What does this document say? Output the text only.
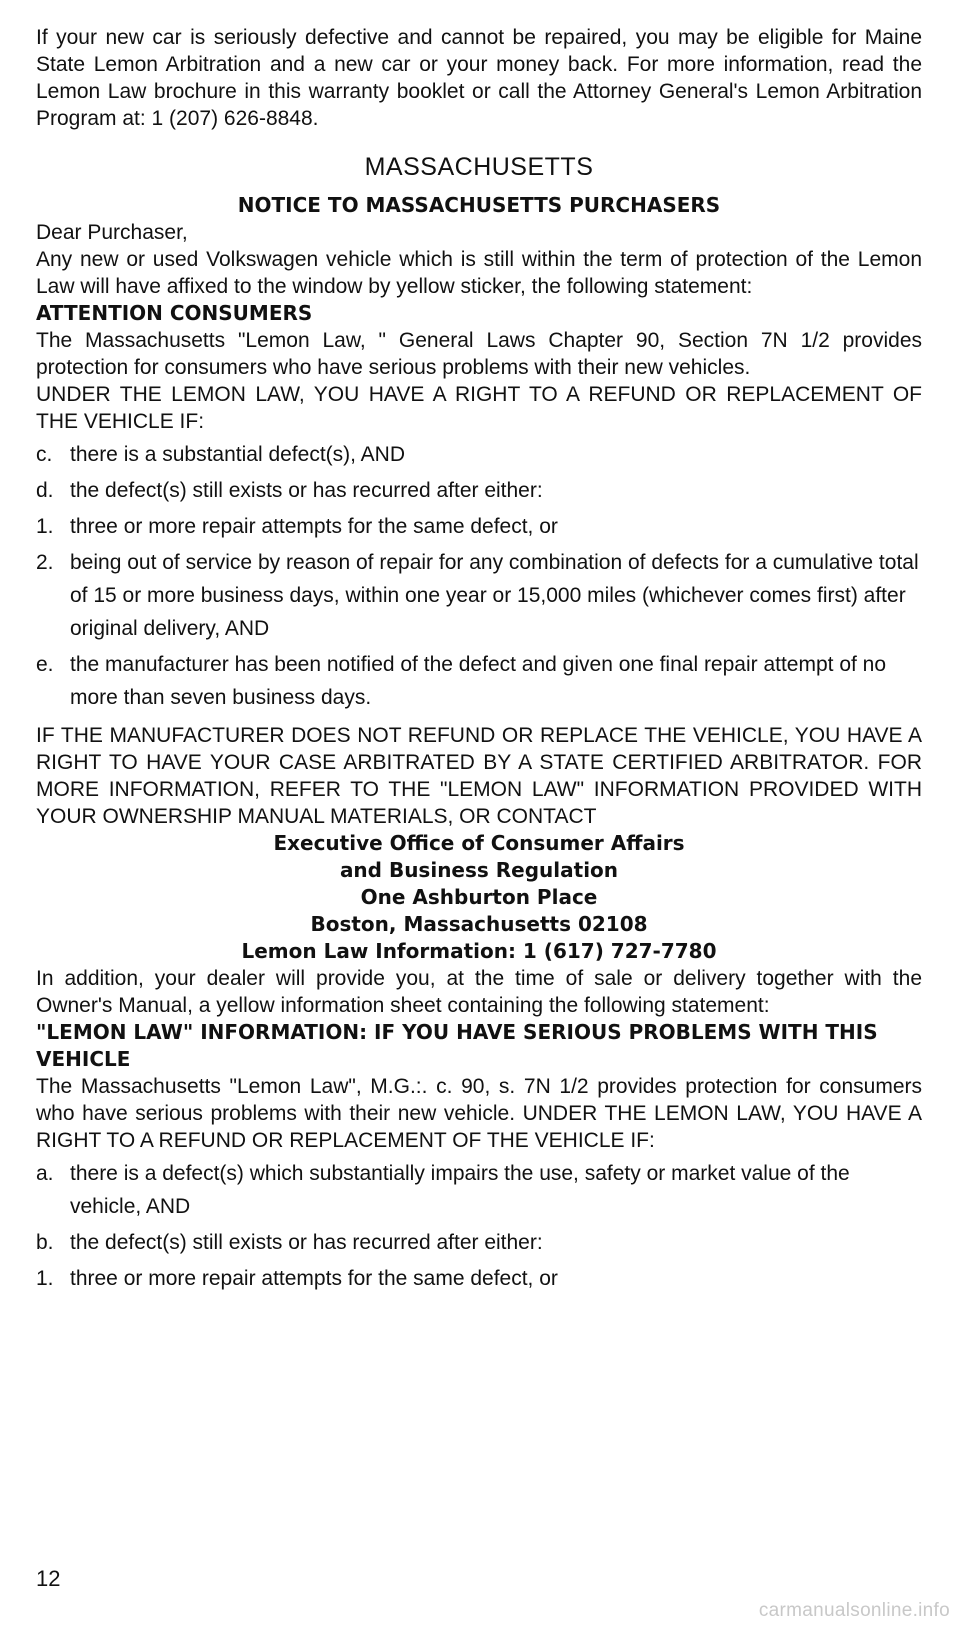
If your new car is seriously defective and cannot be repaired, you may be eligible for Maine State Lemon Arbitration and a new car or your money back. For more information, read the Lemon Law brochure in this warranty booklet or call the Attorney General's Lemon Arbitration Program at: 1 (207) 626-8848.

MASSACHUSETTS
NOTICE TO MASSACHUSETTS PURCHASERS

Dear Purchaser,

Any new or used Volkswagen vehicle which is still within the term of protection of the Lemon Law will have affixed to the window by yellow sticker, the following statement:

ATTENTION CONSUMERS

The Massachusetts "Lemon Law, " General Laws Chapter 90, Section 7N 1/2 provides protection for consumers who have serious problems with their new vehicles.

UNDER THE LEMON LAW, YOU HAVE A RIGHT TO A REFUND OR REPLACEMENT OF THE VEHICLE IF:

c. there is a substantial defect(s), AND
d. the defect(s) still exists or has recurred after either:
1. three or more repair attempts for the same defect, or
2. being out of service by reason of repair for any combination of defects for a cumulative total of 15 or more business days, within one year or 15,000 miles (whichever comes first) after original delivery, AND
e. the manufacturer has been notified of the defect and given one final repair attempt of no more than seven business days.

IF THE MANUFACTURER DOES NOT REFUND OR REPLACE THE VEHICLE, YOU HAVE A RIGHT TO HAVE YOUR CASE ARBITRATED BY A STATE CERTIFIED ARBITRATOR. FOR MORE INFORMATION, REFER TO THE "LEMON LAW" INFORMATION PROVIDED WITH YOUR OWNERSHIP MANUAL MATERIALS, OR CONTACT

Executive Office of Consumer Affairs
and Business Regulation
One Ashburton Place
Boston, Massachusetts 02108
Lemon Law Information: 1 (617) 727-7780

In addition, your dealer will provide you, at the time of sale or delivery together with the Owner's Manual, a yellow information sheet containing the following statement:

"LEMON LAW" INFORMATION: IF YOU HAVE SERIOUS PROBLEMS WITH THIS VEHICLE

The Massachusetts "Lemon Law", M.G.:. c. 90, s. 7N 1/2 provides protection for consumers who have serious problems with their new vehicle. UNDER THE LEMON LAW, YOU HAVE A RIGHT TO A REFUND OR REPLACEMENT OF THE VEHICLE IF:

a. there is a defect(s) which substantially impairs the use, safety or market value of the vehicle, AND
b. the defect(s) still exists or has recurred after either:
1. three or more repair attempts for the same defect, or
12
carmanualsonline.info
